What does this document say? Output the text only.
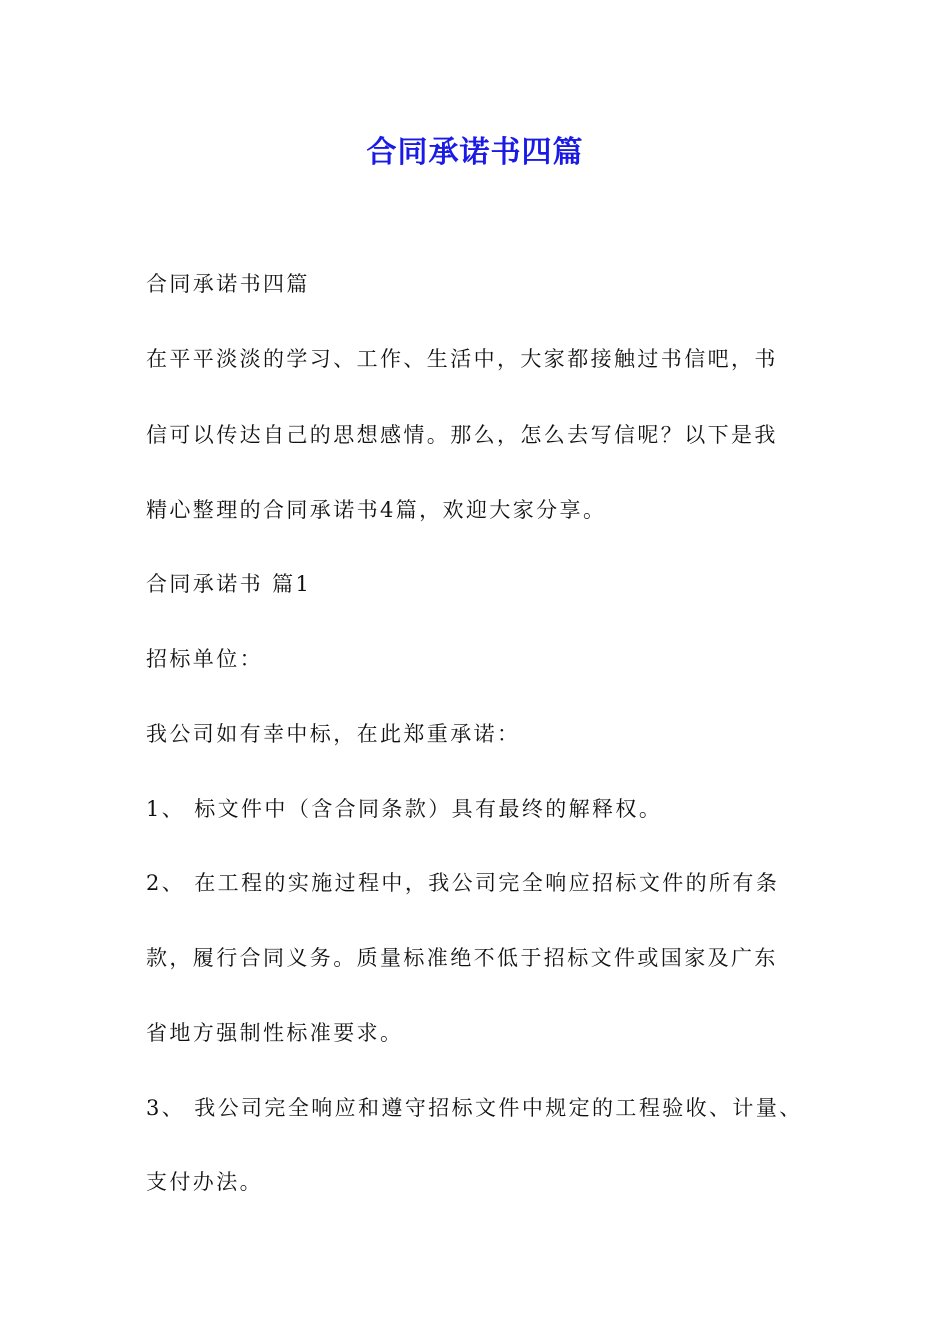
合同承诺书四篇

合同承诺书四篇

在平平淡淡的学习、工作、生活中，大家都接触过书信吧，书

信可以传达自己的思想感情。那么，怎么去写信呢？以下是我

精心整理的合同承诺书4篇，欢迎大家分享。

合同承诺书 篇1

招标单位：

我公司如有幸中标，在此郑重承诺：

1、 标文件中（含合同条款）具有最终的解释权。

2、 在工程的实施过程中，我公司完全响应招标文件的所有条

款，履行合同义务。质量标准绝不低于招标文件或国家及广东

省地方强制性标准要求。

3、 我公司完全响应和遵守招标文件中规定的工程验收、计量、

支付办法。
